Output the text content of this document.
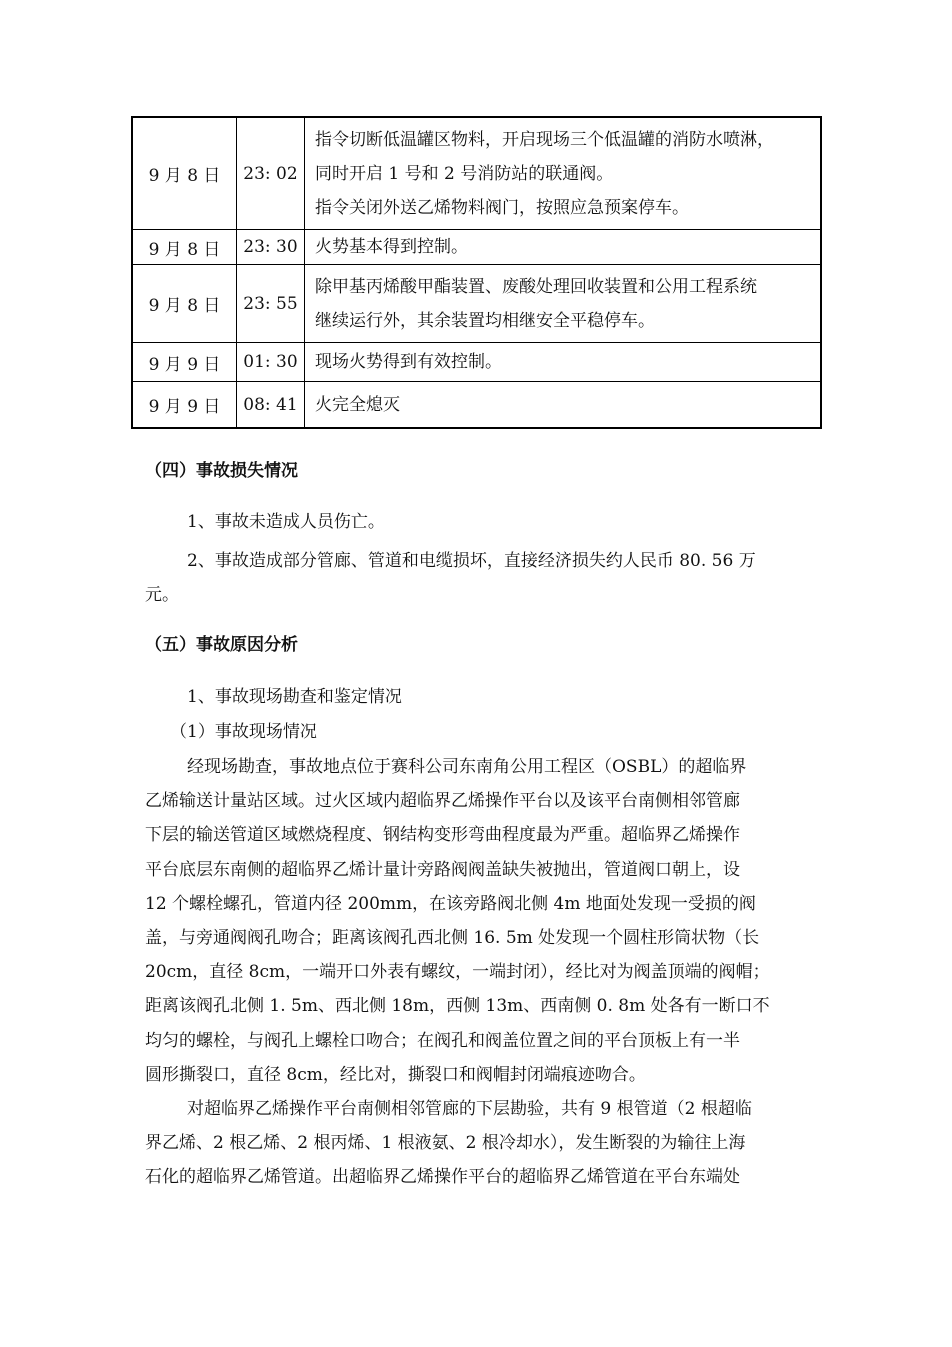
9 月 8 日	23: 02	指令切断低温罐区物料，开启现场三个低温罐的消防水喷淋，
同时开启 1 号和 2 号消防站的联通阀。
指令关闭外送乙烯物料阀门，按照应急预案停车。

9 月 8 日	23: 30	火势基本得到控制。

9 月 8 日	23: 55	除甲基丙烯酸甲酯装置、废酸处理回收装置和公用工程系统
继续运行外，其余装置均相继安全平稳停车。

9 月 9 日	01: 30	现场火势得到有效控制。

9 月 9 日	08: 41	火完全熄灭
（四）事故损失情况
1、事故未造成人员伤亡。
2、事故造成部分管廊、管道和电缆损坏，直接经济损失约人民币 80. 56 万
元。
（五）事故原因分析
1、事故现场勘查和鉴定情况
（1）事故现场情况
经现场勘查，事故地点位于赛科公司东南角公用工程区（OSBL）的超临界
乙烯输送计量站区域。过火区域内超临界乙烯操作平台以及该平台南侧相邻管廊
下层的输送管道区域燃烧程度、钢结构变形弯曲程度最为严重。超临界乙烯操作
平台底层东南侧的超临界乙烯计量计旁路阀阀盖缺失被抛出，管道阀口朝上，设
12 个螺栓螺孔，管道内径 200mm，在该旁路阀北侧 4m 地面处发现一受损的阀
盖，与旁通阀阀孔吻合；距离该阀孔西北侧 16. 5m 处发现一个圆柱形筒状物（长
20cm，直径 8cm，一端开口外表有螺纹，一端封闭），经比对为阀盖顶端的阀帽；
距离该阀孔北侧 1. 5m、西北侧 18m，西侧 13m、西南侧 0. 8m 处各有一断口不
均匀的螺栓，与阀孔上螺栓口吻合；在阀孔和阀盖位置之间的平台顶板上有一半
圆形撕裂口，直径 8cm，经比对，撕裂口和阀帽封闭端痕迹吻合。
对超临界乙烯操作平台南侧相邻管廊的下层勘验，共有 9 根管道（2 根超临
界乙烯、2 根乙烯、2 根丙烯、1 根液氨、2 根冷却水），发生断裂的为输往上海
石化的超临界乙烯管道。出超临界乙烯操作平台的超临界乙烯管道在平台东端处
